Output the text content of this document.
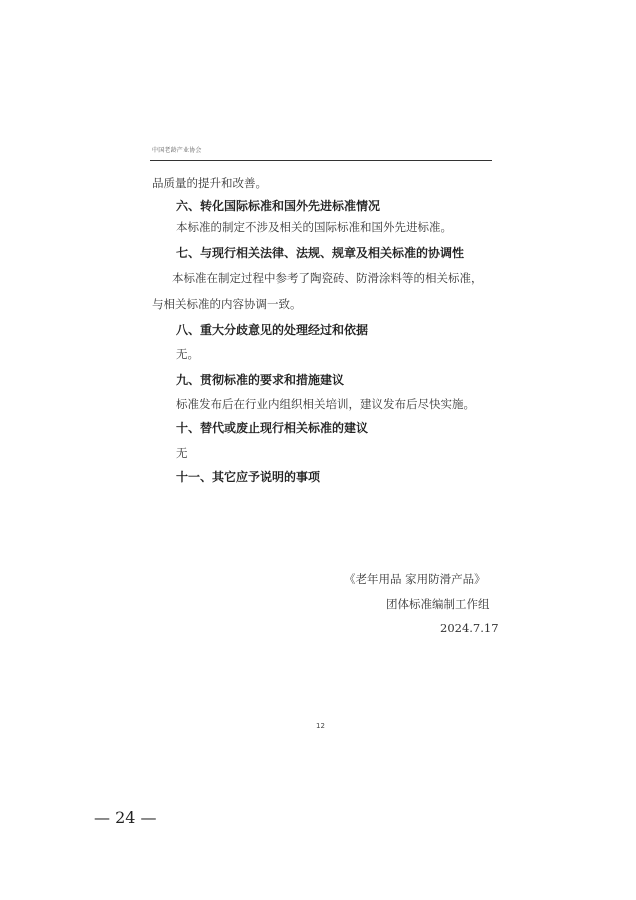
中国老龄产业协会
品质量的提升和改善。
六、转化国际标准和国外先进标准情况
本标准的制定不涉及相关的国际标准和国外先进标准。
七、与现行相关法律、法规、规章及相关标准的协调性
本标准在制定过程中参考了陶瓷砖、防滑涂料等的相关标准，
与相关标准的内容协调一致。
八、重大分歧意见的处理经过和依据
无。
九、贯彻标准的要求和措施建议
标准发布后在行业内组织相关培训，建议发布后尽快实施。
十、替代或废止现行相关标准的建议
无
十一、其它应予说明的事项
《老年用品 家用防滑产品》
团体标准编制工作组
2024.7.17
12
— 24 —
